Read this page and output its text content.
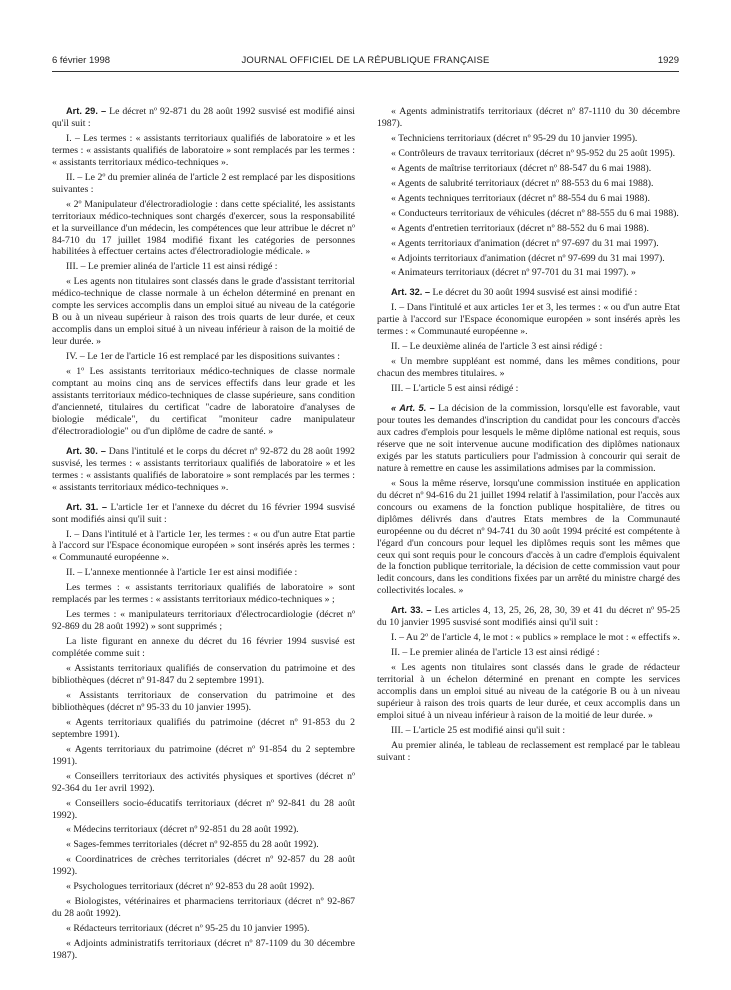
6 février 1998	JOURNAL OFFICIEL DE LA RÉPUBLIQUE FRANÇAISE	1929

Art. 29. – Le décret nº 92-871 du 28 août 1992 susvisé est modifié ainsi qu'il suit :

I. – Les termes : « assistants territoriaux qualifiés de laboratoire » et les termes : « assistants qualifiés de laboratoire » sont remplacés par les termes : « assistants territoriaux médico-techniques ».

II. – Le 2º du premier alinéa de l'article 2 est remplacé par les dispositions suivantes :

« 2º Manipulateur d'électroradiologie : dans cette spécialité, les assistants territoriaux médico-techniques sont chargés d'exercer, sous la responsabilité et la surveillance d'un médecin, les compétences que leur attribue le décret nº 84-710 du 17 juillet 1984 modifié fixant les catégories de personnes habilitées à effectuer certains actes d'électroradiologie médicale. »

III. – Le premier alinéa de l'article 11 est ainsi rédigé :

« Les agents non titulaires sont classés dans le grade d'assistant territorial médico-technique de classe normale à un échelon déterminé en prenant en compte les services accomplis dans un emploi situé au niveau de la catégorie B ou à un niveau supérieur à raison des trois quarts de leur durée, et ceux accomplis dans un emploi situé à un niveau inférieur à raison de la moitié de leur durée. »

IV. – Le 1er de l'article 16 est remplacé par les dispositions suivantes :

« 1º Les assistants territoriaux médico-techniques de classe normale comptant au moins cinq ans de services effectifs dans leur grade et les assistants territoriaux médico-techniques de classe supérieure, sans condition d'ancienneté, titulaires du certificat "cadre de laboratoire d'analyses de biologie médicale", du certificat "moniteur cadre manipulateur d'électroradiologie" ou d'un diplôme de cadre de santé. »

Art. 30. – Dans l'intitulé et le corps du décret nº 92-872 du 28 août 1992 susvisé, les termes : « assistants territoriaux qualifiés de laboratoire » et les termes : « assistants qualifiés de laboratoire » sont remplacés par les termes : « assistants territoriaux médico-techniques ».

Art. 31. – L'article 1er et l'annexe du décret du 16 février 1994 susvisé sont modifiés ainsi qu'il suit :

I. – Dans l'intitulé et à l'article 1er, les termes : « ou d'un autre Etat partie à l'accord sur l'Espace économique européen » sont insérés après les termes : « Communauté européenne ».

II. – L'annexe mentionnée à l'article 1er est ainsi modifiée :

Les termes : « assistants territoriaux qualifiés de laboratoire » sont remplacés par les termes : « assistants territoriaux médico-techniques » ;

Les termes : « manipulateurs territoriaux d'électrocardiologie (décret nº 92-869 du 28 août 1992) » sont supprimés ;

La liste figurant en annexe du décret du 16 février 1994 susvisé est complétée comme suit :

« Assistants territoriaux qualifiés de conservation du patrimoine et des bibliothèques (décret nº 91-847 du 2 septembre 1991).

« Assistants territoriaux de conservation du patrimoine et des bibliothèques (décret nº 95-33 du 10 janvier 1995).

« Agents territoriaux qualifiés du patrimoine (décret nº 91-853 du 2 septembre 1991).

« Agents territoriaux du patrimoine (décret nº 91-854 du 2 septembre 1991).

« Conseillers territoriaux des activités physiques et sportives (décret nº 92-364 du 1er avril 1992).

« Conseillers socio-éducatifs territoriaux (décret nº 92-841 du 28 août 1992).

« Médecins territoriaux (décret nº 92-851 du 28 août 1992).

« Sages-femmes territoriales (décret nº 92-855 du 28 août 1992).

« Coordinatrices de crèches territoriales (décret nº 92-857 du 28 août 1992).

« Psychologues territoriaux (décret nº 92-853 du 28 août 1992).

« Biologistes, vétérinaires et pharmaciens territoriaux (décret nº 92-867 du 28 août 1992).

« Rédacteurs territoriaux (décret nº 95-25 du 10 janvier 1995).

« Adjoints administratifs territoriaux (décret nº 87-1109 du 30 décembre 1987).

« Agents administratifs territoriaux (décret nº 87-1110 du 30 décembre 1987).

« Techniciens territoriaux (décret nº 95-29 du 10 janvier 1995).

« Contrôleurs de travaux territoriaux (décret nº 95-952 du 25 août 1995).

« Agents de maîtrise territoriaux (décret nº 88-547 du 6 mai 1988).

« Agents de salubrité territoriaux (décret nº 88-553 du 6 mai 1988).

« Agents techniques territoriaux (décret nº 88-554 du 6 mai 1988).

« Conducteurs territoriaux de véhicules (décret nº 88-555 du 6 mai 1988).

« Agents d'entretien territoriaux (décret nº 88-552 du 6 mai 1988).

« Agents territoriaux d'animation (décret nº 97-697 du 31 mai 1997).

« Adjoints territoriaux d'animation (décret nº 97-699 du 31 mai 1997).

« Animateurs territoriaux (décret nº 97-701 du 31 mai 1997). »

Art. 32. – Le décret du 30 août 1994 susvisé est ainsi modifié :

I. – Dans l'intitulé et aux articles 1er et 3, les termes : « ou d'un autre Etat partie à l'accord sur l'Espace économique européen » sont insérés après les termes : « Communauté européenne ».

II. – Le deuxième alinéa de l'article 3 est ainsi rédigé :

« Un membre suppléant est nommé, dans les mêmes conditions, pour chacun des membres titulaires. »

III. – L'article 5 est ainsi rédigé :

« Art. 5. – La décision de la commission, lorsqu'elle est favorable, vaut pour toutes les demandes d'inscription du candidat pour les concours d'accès aux cadres d'emplois pour lesquels le même diplôme national est requis, sous réserve que ne soit intervenue aucune modification des diplômes nationaux exigés par les statuts particuliers pour l'admission à concourir qui serait de nature à remettre en cause les assimilations admises par la commission.

« Sous la même réserve, lorsqu'une commission instituée en application du décret nº 94-616 du 21 juillet 1994 relatif à l'assimilation, pour l'accès aux concours ou examens de la fonction publique hospitalière, de titres ou diplômes délivrés dans d'autres Etats membres de la Communauté européenne ou du décret nº 94-741 du 30 août 1994 précité est compétente à l'égard d'un concours pour lequel les diplômes requis sont les mêmes que ceux qui sont requis pour le concours d'accès à un cadre d'emplois équivalent de la fonction publique territoriale, la décision de cette commission vaut pour ledit concours, dans les conditions fixées par un arrêté du ministre chargé des collectivités locales. »

Art. 33. – Les articles 4, 13, 25, 26, 28, 30, 39 et 41 du décret nº 95-25 du 10 janvier 1995 susvisé sont modifiés ainsi qu'il suit :

I. – Au 2º de l'article 4, le mot : « publics » remplace le mot : « effectifs ».

II. – Le premier alinéa de l'article 13 est ainsi rédigé :

« Les agents non titulaires sont classés dans le grade de rédacteur territorial à un échelon déterminé en prenant en compte les services accomplis dans un emploi situé au niveau de la catégorie B ou à un niveau supérieur à raison des trois quarts de leur durée, et ceux accomplis dans un emploi situé à un niveau inférieur à raison de la moitié de leur durée. »

III. – L'article 25 est modifié ainsi qu'il suit :

Au premier alinéa, le tableau de reclassement est remplacé par le tableau suivant :
